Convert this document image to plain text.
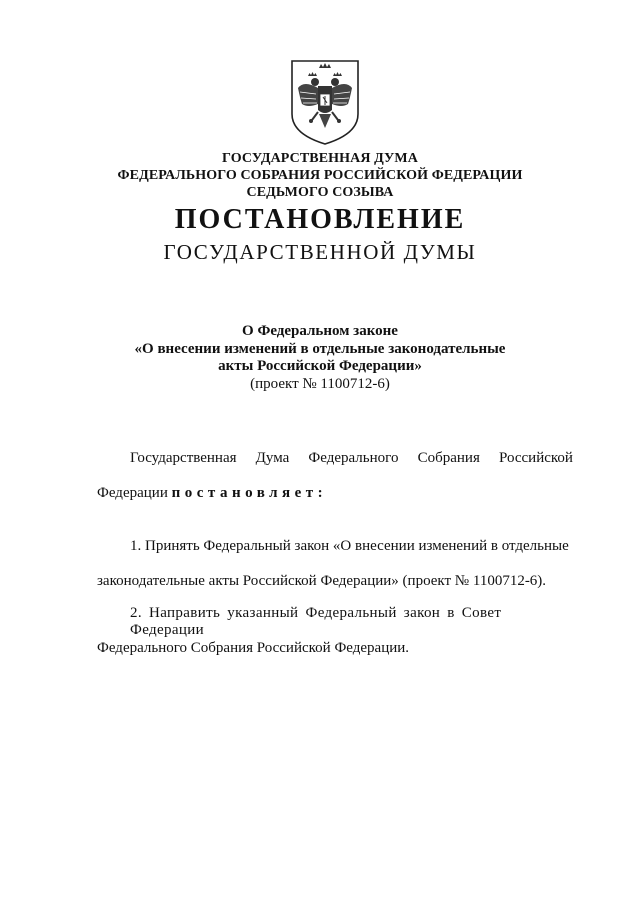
ГОСУДАРСТВЕННАЯ ДУМА
ФЕДЕРАЛЬНОГО СОБРАНИЯ РОССИЙСКОЙ ФЕДЕРАЦИИ
СЕДЬМОГО СОЗЫВА
ПОСТАНОВЛЕНИЕ
ГОСУДАРСТВЕННОЙ ДУМЫ
О Федеральном законе
«О внесении изменений в отдельные законодательные
акты Российской Федерации»
(проект № 1100712-6)
Государственная Дума Федерального Собрания Российской
Федерации постановляет:
1. Принять Федеральный закон «О внесении изменений в отдельные
законодательные акты Российской Федерации» (проект № 1100712-6).
2. Направить указанный Федеральный закон в Совет Федерации
Федерального Собрания Российской Федерации.
